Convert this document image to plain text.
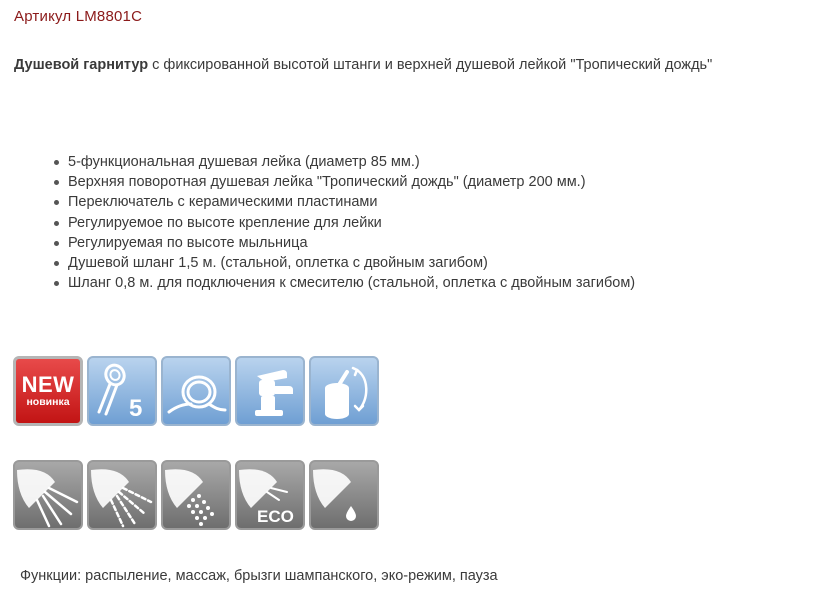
Артикул LM8801C
Душевой гарнитур с фиксированной высотой штанги и верхней душевой лейкой "Тропический дождь"
5-функциональная душевая лейка (диаметр 85 мм.)
Верхняя поворотная душевая лейка "Тропический дождь" (диаметр 200 мм.)
Переключатель с керамическими пластинами
Регулируемое по высоте крепление для лейки
Регулируемая по высоте мыльница
Душевой шланг 1,5 м. (стальной, оплетка с двойным загибом)
Шланг 0,8 м. для подключения к смесителю (стальной, оплетка с двойным загибом)
NEW
новинка 5
ECO
Функции: распыление, массаж, брызги шампанского, эко-режим, пауза
